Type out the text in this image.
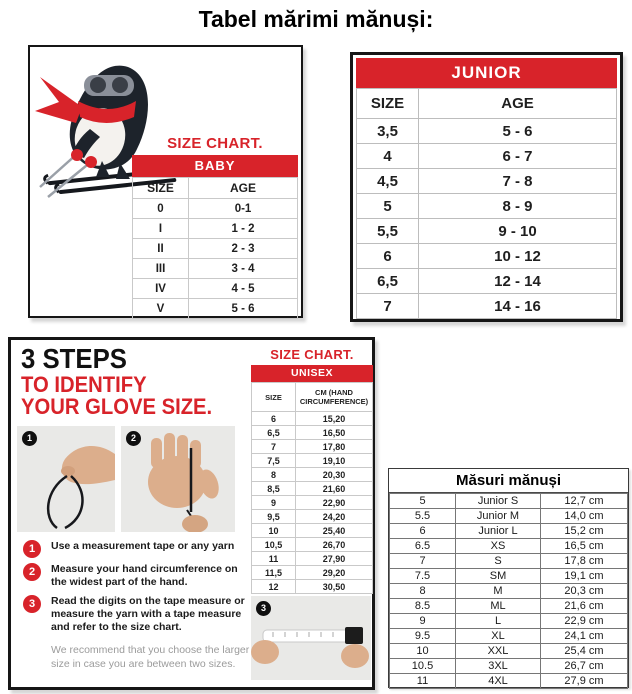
Tabel mărimi mănuși:
SIZE CHART.
BABY
SIZE	AGE
0	0-1
I	1 - 2
II	2 - 3
III	3 - 4
IV	4 - 5
V	5 - 6
JUNIOR
SIZE	AGE
3,5	5 - 6
4	6 - 7
4,5	7 - 8
5	8 - 9
5,5	9 - 10
6	10 - 12
6,5	12 - 14
7	14 - 16
3 STEPS
TO IDENTIFY
YOUR GLOVE SIZE.
1	2
1	Use a measurement tape or any yarn
2	Measure your hand circumference on the widest part of the hand.
3	Read the digits on the tape measure or measure the yarn with a tape measure and refer to the size chart.
We recommend that you choose the larger size in case you are between two sizes.
SIZE CHART.
UNISEX
SIZE	CM (HAND CIRCUMFERENCE)
6	15,20
6,5	16,50
7	17,80
7,5	19,10
8	20,30
8,5	21,60
9	22,90
9,5	24,20
10	25,40
10,5	26,70
11	27,90
11,5	29,20
12	30,50
3
Măsuri mănuși
5	Junior S	12,7 cm
5.5	Junior M	14,0 cm
6	Junior L	15,2 cm
6.5	XS	16,5 cm
7	S	17,8 cm
7.5	SM	19,1 cm
8	M	20,3 cm
8.5	ML	21,6 cm
9	L	22,9 cm
9.5	XL	24,1 cm
10	XXL	25,4 cm
10.5	3XL	26,7 cm
11	4XL	27,9 cm
